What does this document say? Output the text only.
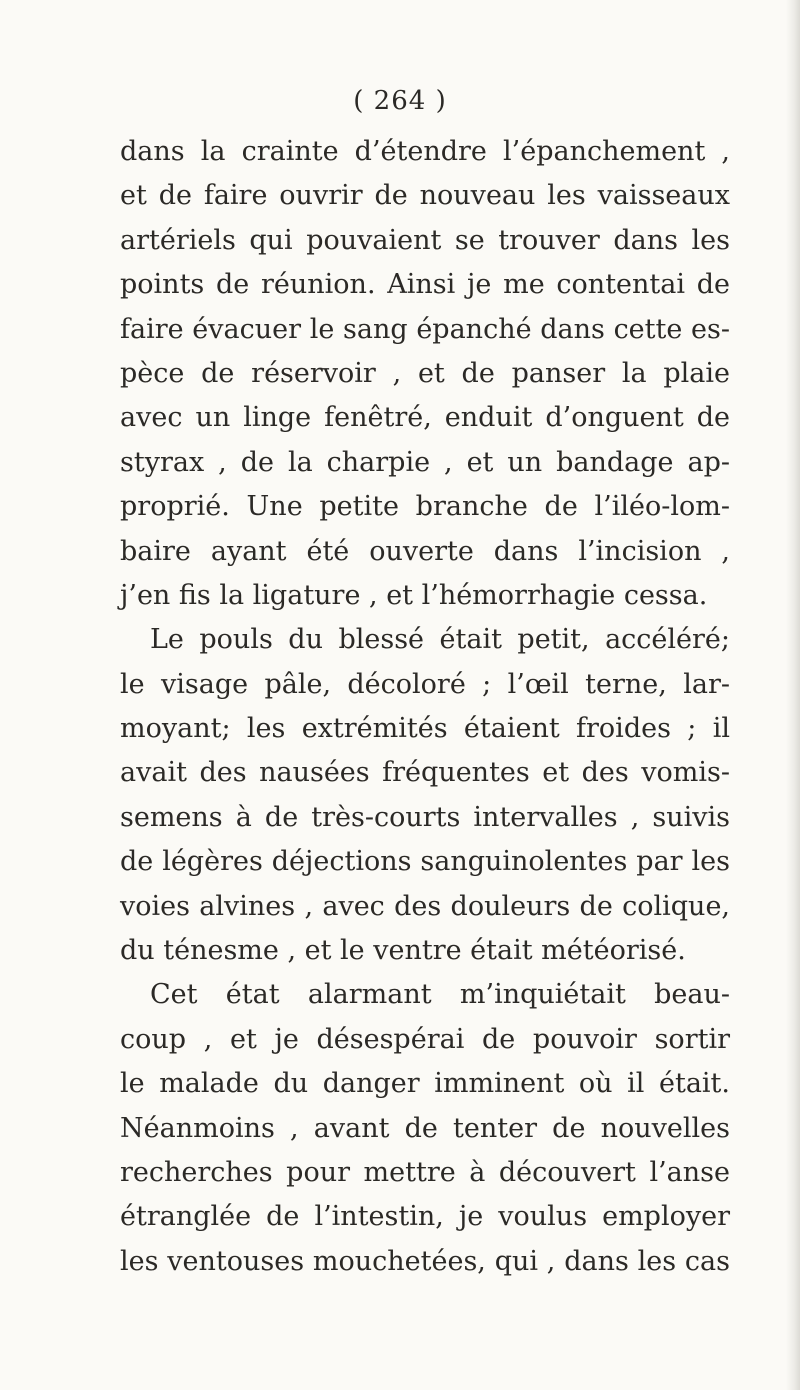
( 264 )
dans la crainte d’étendre l’épanchement ,
et de faire ouvrir de nouveau les vaisseaux
artériels qui pouvaient se trouver dans les
points de réunion. Ainsi je me contentai de
faire évacuer le sang épanché dans cette es-
pèce de réservoir , et de panser la plaie
avec un linge fenêtré, enduit d’onguent de
styrax , de la charpie , et un bandage ap-
proprié. Une petite branche de l’iléo-lom-
baire ayant été ouverte dans l’incision ,
j’en fis la ligature , et l’hémorrhagie cessa.
Le pouls du blessé était petit, accéléré;
le visage pâle, décoloré ; l’œil terne, lar-
moyant; les extrémités étaient froides ; il
avait des nausées fréquentes et des vomis-
semens à de très-courts intervalles , suivis
de légères déjections sanguinolentes par les
voies alvines , avec des douleurs de colique,
du ténesme , et le ventre était météorisé.
Cet état alarmant m’inquiétait beau-
coup , et je désespérai de pouvoir sortir
le malade du danger imminent où il était.
Néanmoins , avant de tenter de nouvelles
recherches pour mettre à découvert l’anse
étranglée de l’intestin, je voulus employer
les ventouses mouchetées, qui , dans les cas
